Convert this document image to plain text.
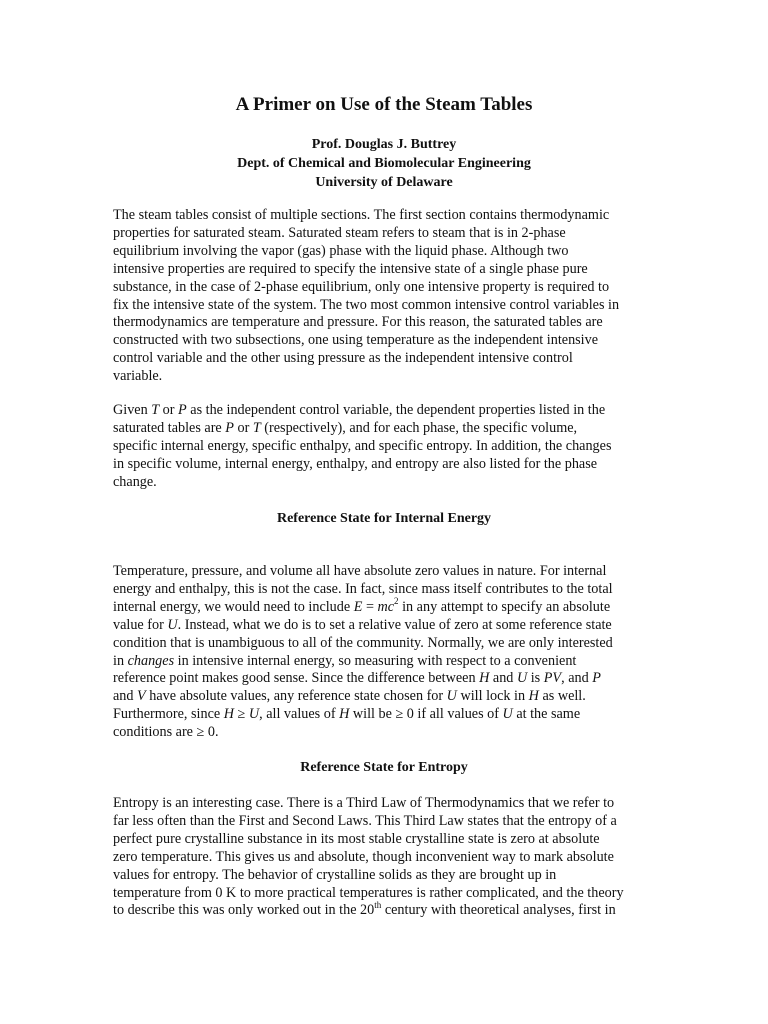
A Primer on Use of the Steam Tables
Prof. Douglas J. Buttrey
Dept. of Chemical and Biomolecular Engineering
University of Delaware
The steam tables consist of multiple sections. The first section contains thermodynamic
properties for saturated steam. Saturated steam refers to steam that is in 2-phase
equilibrium involving the vapor (gas) phase with the liquid phase. Although two
intensive properties are required to specify the intensive state of a single phase pure
substance, in the case of 2-phase equilibrium, only one intensive property is required to
fix the intensive state of the system. The two most common intensive control variables in
thermodynamics are temperature and pressure. For this reason, the saturated tables are
constructed with two subsections, one using temperature as the independent intensive
control variable and the other using pressure as the independent intensive control
variable.
Given T or P as the independent control variable, the dependent properties listed in the
saturated tables are P or T (respectively), and for each phase, the specific volume,
specific internal energy, specific enthalpy, and specific entropy. In addition, the changes
in specific volume, internal energy, enthalpy, and entropy are also listed for the phase
change.
Reference State for Internal Energy
Temperature, pressure, and volume all have absolute zero values in nature. For internal
energy and enthalpy, this is not the case. In fact, since mass itself contributes to the total
internal energy, we would need to include $E = mc^2$ in any attempt to specify an absolute
value for U. Instead, what we do is to set a relative value of zero at some reference state
condition that is unambiguous to all of the community. Normally, we are only interested
in changes in intensive internal energy, so measuring with respect to a convenient
reference point makes good sense. Since the difference between H and U is PV, and P
and V have absolute values, any reference state chosen for U will lock in H as well.
Furthermore, since H ≥ U, all values of H will be ≥ 0 if all values of U at the same
conditions are ≥ 0.
Reference State for Entropy
Entropy is an interesting case. There is a Third Law of Thermodynamics that we refer to
far less often than the First and Second Laws. This Third Law states that the entropy of a
perfect pure crystalline substance in its most stable crystalline state is zero at absolute
zero temperature. This gives us and absolute, though inconvenient way to mark absolute
values for entropy. The behavior of crystalline solids as they are brought up in
temperature from 0 K to more practical temperatures is rather complicated, and the theory
to describe this was only worked out in the 20th century with theoretical analyses, first in
